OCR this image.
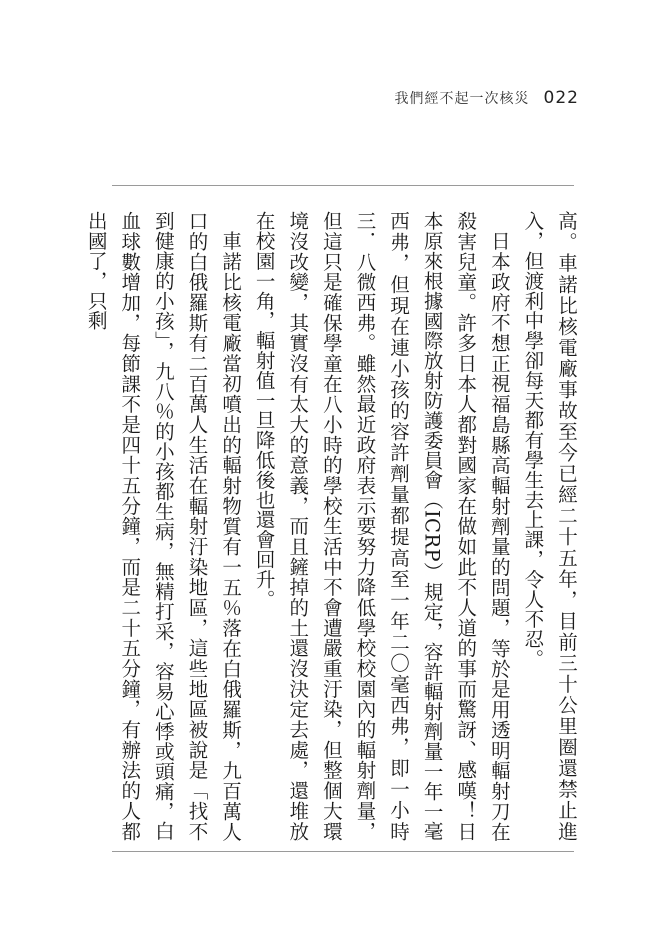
我們經不起一次核災 022

高。車諾比核電廠事故至今已經二十五年，目前三十公里圈還禁止進入，但渡利中學卻每天都有學生去上課，令人不忍。

日本政府不想正視福島縣高輻射劑量的問題，等於是用透明輻射刀在殺害兒童。許多日本人都對國家在做如此不人道的事而驚訝、感嘆！日本原來根據國際放射防護委員會（ICRP）規定，容許輻射劑量一年一毫西弗，但現在連小孩的容許劑量都提高至一年二〇毫西弗，即一小時三．八微西弗。雖然最近政府表示要努力降低學校校園內的輻射劑量，但這只是確保學童在八小時的學校生活中不會遭嚴重汙染，但整個大環境沒改變，其實沒有太大的意義，而且鏟掉的土還沒決定去處，還堆放在校園一角，輻射值一旦降低後也還會回升。

車諾比核電廠當初噴出的輻射物質有一五％落在白俄羅斯，九百萬人口的白俄羅斯有二百萬人生活在輻射汙染地區，這些地區被說是「找不到健康的小孩」，九八％的小孩都生病，無精打采，容易心悸或頭痛，白血球數增加，每節課不是四十五分鐘，而是二十五分鐘，有辦法的人都出國了，只剩
